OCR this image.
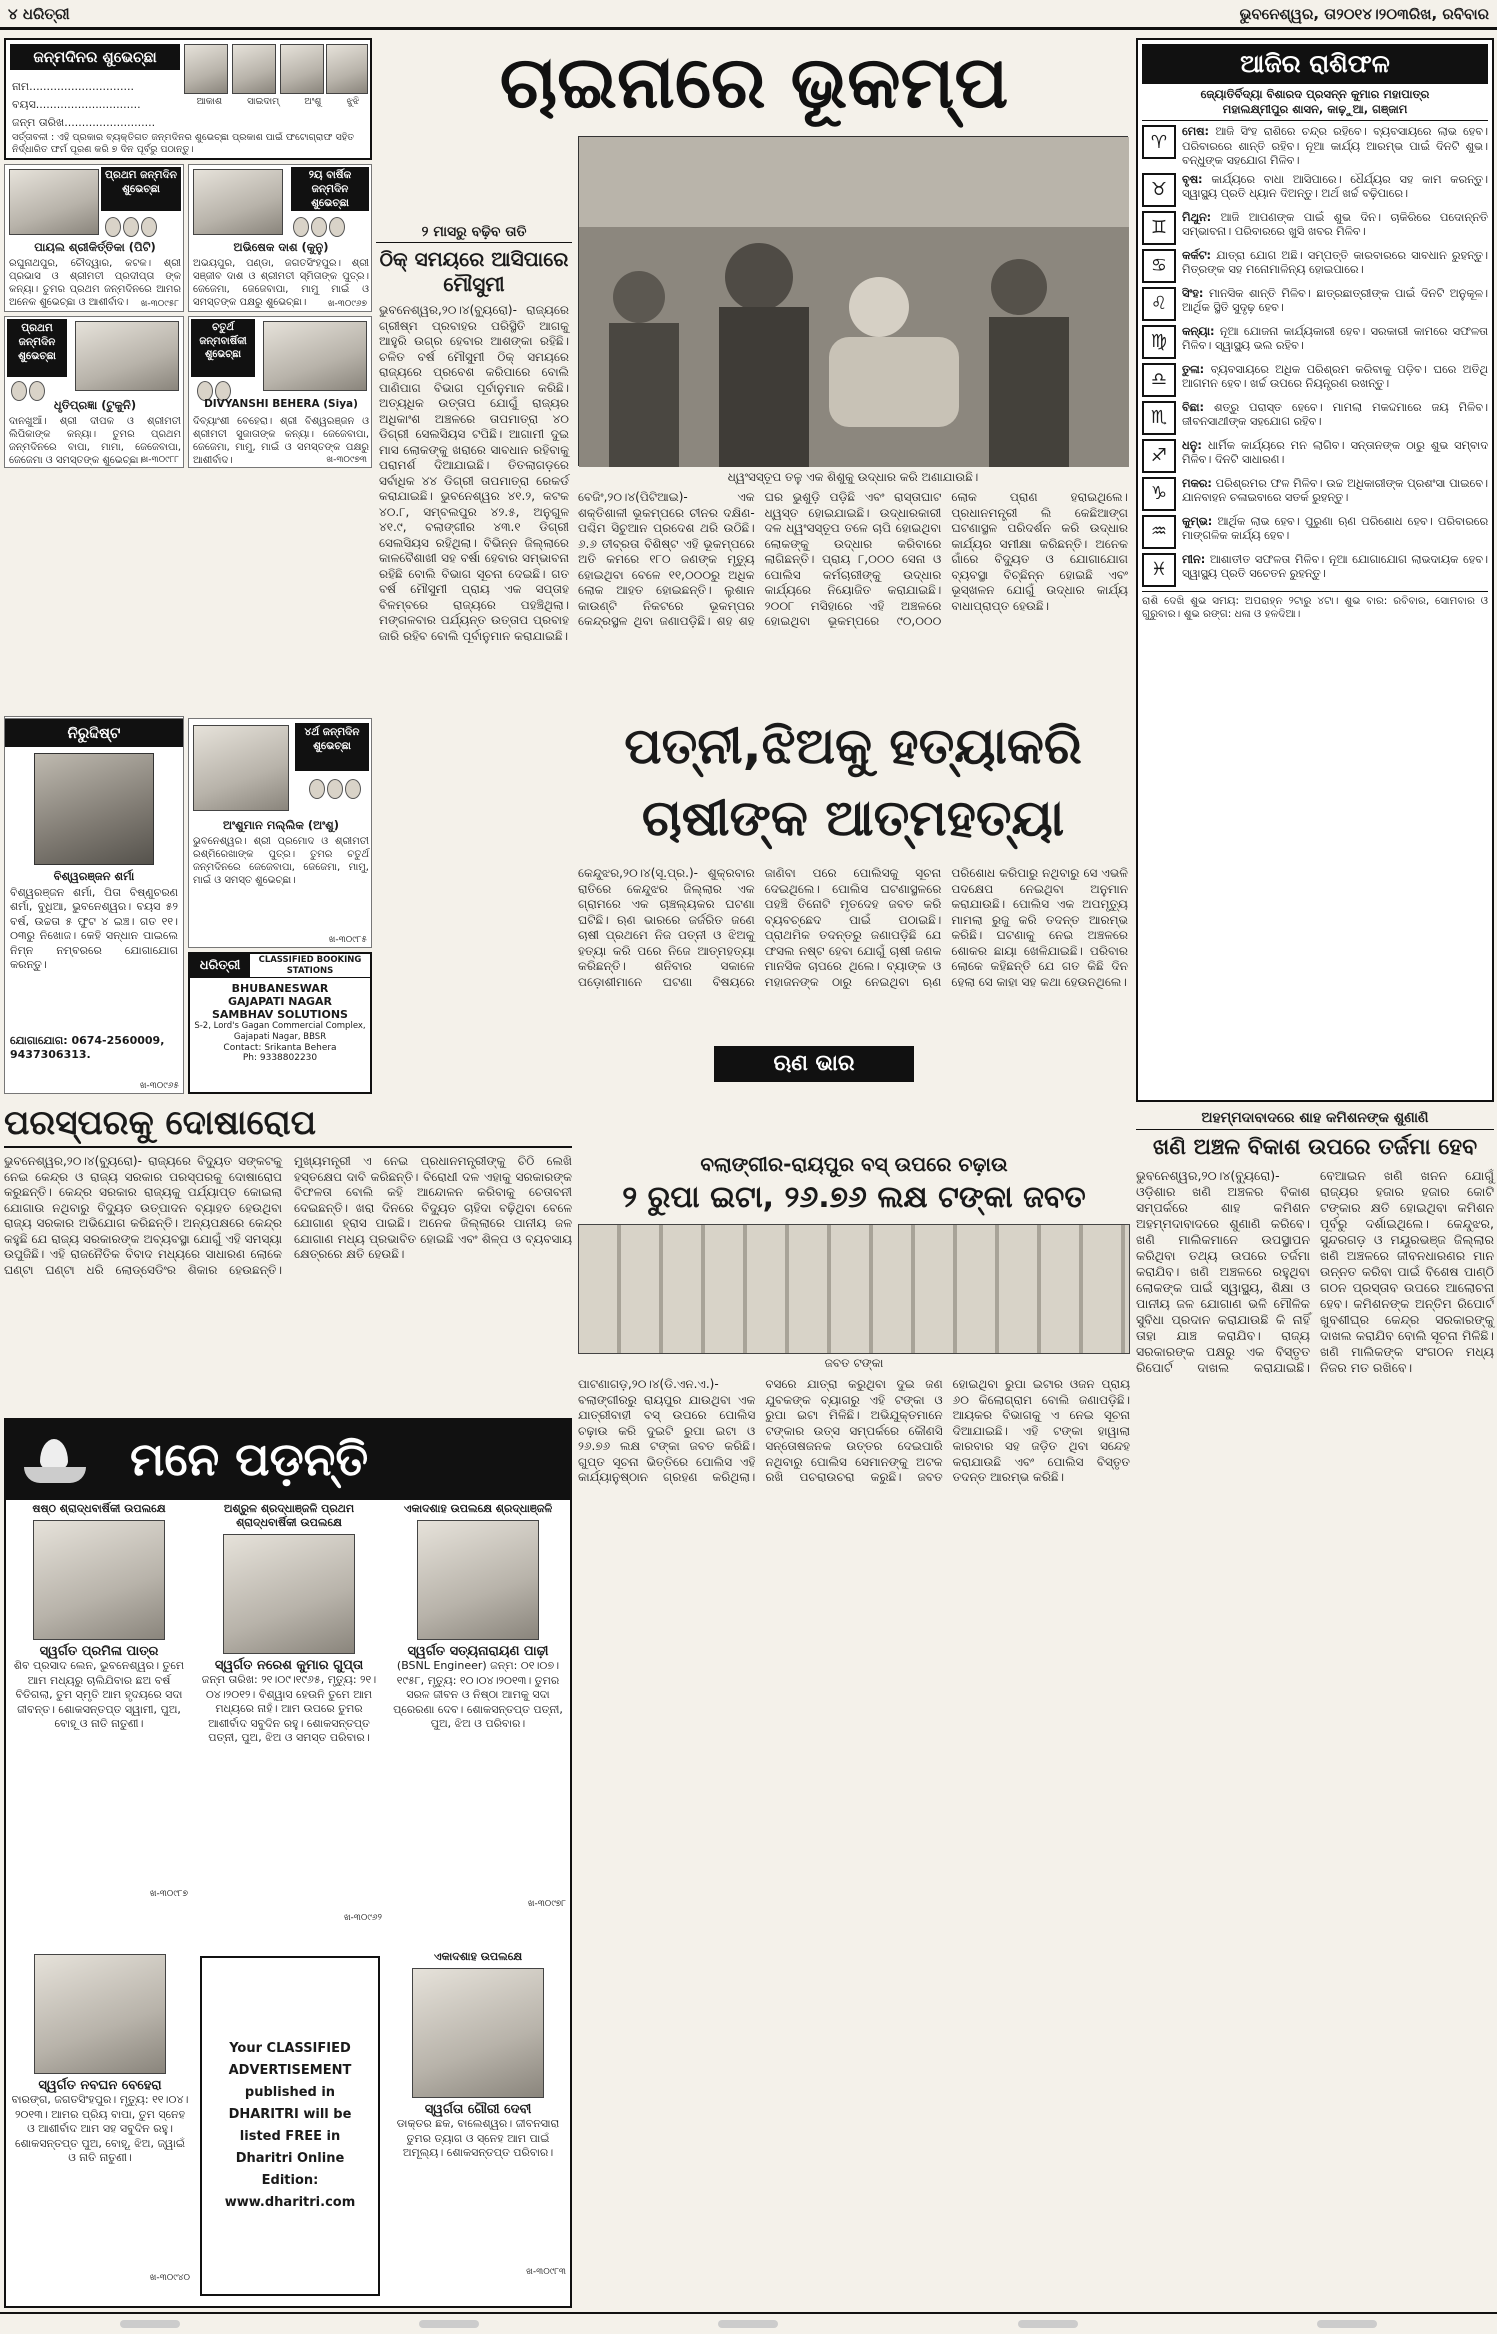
୪ ଧରିତ୍ରୀ	ଭୁବନେଶ୍ୱର, ତା୨୦୧୪।୨୦୩ରିଖ, ରବିବାର
ଜନ୍ମଦିନର ଶୁଭେଚ୍ଛା
ନାମ..............................
ବୟସ..............................
ଜନ୍ମ ତାରିଖ..........................
ଆକାଶ	ସାଇଦାମ୍	ଅଂଶୁ	ଝୁଝି
ସର୍ତ୍ତାବଳୀ : ଏହି ପ୍ରକାର ବ୍ୟକ୍ତିଗତ ଜନ୍ମଦିନର ଶୁଭେଚ୍ଛା ପ୍ରକାଶ ପାଇଁ ଫଟୋଗ୍ରାଫ ସହିତ ନିର୍ଦ୍ଧାରିତ ଫର୍ମ ପୂରଣ କରି ୭ ଦିନ ପୂର୍ବରୁ ପଠାନ୍ତୁ।
ପ୍ରଥମ ଜନ୍ମଦିନ ଶୁଭେଚ୍ଛା
ପାୟଲ ଶ୍ରୀକିର୍ତ୍ତିକା (ପିଟି)
ରଘୁନାଥପୁର, ଚୌଦ୍ୱାର, କଟକ। ଶ୍ରୀ ପ୍ରଭାସ ଓ ଶ୍ରୀମତୀ ପ୍ରଦୀପ୍ତା ଙ୍କ କନ୍ୟା। ତୁମର ପ୍ରଥମ ଜନ୍ମଦିନରେ ଆମର ଅନେକ ଶୁଭେଚ୍ଛା ଓ ଆଶୀର୍ବାଦ।	ଖ-୩୦୯୫୮
୨ୟ ବାର୍ଷିକ ଜନ୍ମଦିନ ଶୁଭେଚ୍ଛା
ଅଭିଷେକ ଦାଶ (କୁନୁ)
ଅଭୟପୁର, ପଣ୍ଡା, ଜଗତସିଂହପୁର। ଶ୍ରୀ ସଞ୍ଜୀବ ଦାଶ ଓ ଶ୍ରୀମତୀ ସ୍ମିତାଙ୍କ ପୁତ୍ର। ଜେଜେମା, ଜେଜେବାପା, ମାମୁ ମାଇଁ ଓ ସମସ୍ତଙ୍କ ପକ୍ଷରୁ ଶୁଭେଚ୍ଛା।	ଖ-୩୦୯୬୭
ପ୍ରଥମ ଜନ୍ମଦିନ ଶୁଭେଚ୍ଛା
ଧୃତିପ୍ରଜ୍ଞା (ଟୁକୁନି)
ଦାନଖୁଆଁ। ଶ୍ରୀ ଦୀପକ ଓ ଶ୍ରୀମତୀ ଲିପିକାଙ୍କ କନ୍ୟା। ତୁମର ପ୍ରଥମ ଜନ୍ମଦିନରେ ବାପା, ମାମା, ଜେଜେବାପା, ଜେଜେମା ଓ ସମସ୍ତଙ୍କ ଶୁଭେଚ୍ଛା।
ଖ-୩୦୯୮୮
ଚତୁର୍ଥ ଜନ୍ମବାର୍ଷିକୀ ଶୁଭେଚ୍ଛା
DIVYANSHI BEHERA (Siya)
ଦିବ୍ୟାଂଶୀ ବେହେରା। ଶ୍ରୀ ବିଶ୍ୱରଞ୍ଜନ ଓ ଶ୍ରୀମତୀ ସୁଜାତାଙ୍କ କନ୍ୟା। ଜେଜେବାପା, ଜେଜେମା, ମାମୁ, ମାଇଁ ଓ ସମସ୍ତଙ୍କ ପକ୍ଷରୁ ଆଶୀର୍ବାଦ।	ଖ-୩୦୯୭୩
ନିରୁଦ୍ଦିଷ୍ଟ
ବିଶ୍ୱରଞ୍ଜନ ଶର୍ମା
ବିଶ୍ୱରଞ୍ଜନ ଶର୍ମା, ପିତା ବିଷ୍ଣୁଚରଣ ଶର୍ମା, ବୁଧିଆ, ଭୁବନେଶ୍ୱର। ବୟସ ୫୨ ବର୍ଷ, ଉଚ୍ଚତା ୫ ଫୁଟ ୪ ଇଞ୍ଚ। ଗତ ୧୧।୦୩ରୁ ନିଖୋଜ। କେହି ସନ୍ଧାନ ପାଇଲେ ନିମ୍ନ ନମ୍ବରରେ ଯୋଗାଯୋଗ କରନ୍ତୁ।
ଯୋଗାଯୋଗ: 0674-2560009, 9437306313.
ଖ-୩୦୯୬୫
୪ର୍ଥ ଜନ୍ମଦିନ ଶୁଭେଚ୍ଛା
ଅଂଶୁମାନ ମଲ୍ଲିକ (ଅଂଶୁ)
ଭୁବନେଶ୍ୱର। ଶ୍ରୀ ପ୍ରମୋଦ ଓ ଶ୍ରୀମତୀ ରଶ୍ମିରେଖାଙ୍କ ପୁତ୍ର। ତୁମର ଚତୁର୍ଥ ଜନ୍ମଦିନରେ ଜେଜେବାପା, ଜେଜେମା, ମାମୁ, ମାଇଁ ଓ ସମସ୍ତ ଶୁଭେଚ୍ଛା।
ଖ-୩୦୯୮୫
ଧରିତ୍ରୀ	CLASSIFIED BOOKING STATIONS
BHUBANESWAR
GAJAPATI NAGAR
SAMBHAV SOLUTIONS
S-2, Lord's Gagan Commercial Complex, Gajapati Nagar, BBSR
Contact: Srikanta Behera
Ph: 9338802230
ଆଜିର ରାଶିଫଳ
ଜ୍ୟୋତିର୍ବିଦ୍ୟା ବିଶାରଦ ପ୍ରସନ୍ନ କୁମାର ମହାପାତ୍ର
ମହାଲକ୍ଷ୍ମୀପୁର ଶାସନ, କାଢ଼ୁଆ, ଗଞ୍ଜାମ
♈	ମେଷ: ଆଜି ସିଂହ ରାଶିରେ ଚନ୍ଦ୍ର ରହିବେ। ବ୍ୟବସାୟରେ ଲାଭ ହେବ। ପରିବାରରେ ଶାନ୍ତି ରହିବ। ନୂଆ କାର୍ଯ୍ୟ ଆରମ୍ଭ ପାଇଁ ଦିନଟି ଶୁଭ। ବନ୍ଧୁଙ୍କ ସହଯୋଗ ମିଳିବ।
♉	ବୃଷ: କାର୍ଯ୍ୟରେ ବାଧା ଆସିପାରେ। ଧୈର୍ଯ୍ୟର ସହ କାମ କରନ୍ତୁ। ସ୍ୱାସ୍ଥ୍ୟ ପ୍ରତି ଧ୍ୟାନ ଦିଅନ୍ତୁ। ଅର୍ଥ ଖର୍ଚ୍ଚ ବଢ଼ିପାରେ।
♊	ମିଥୁନ: ଆଜି ଆପଣଙ୍କ ପାଇଁ ଶୁଭ ଦିନ। ଚାକିରିରେ ପଦୋନ୍ନତି ସମ୍ଭାବନା। ପରିବାରରେ ଖୁସି ଖବର ମିଳିବ।
♋	କର୍କଟ: ଯାତ୍ରା ଯୋଗ ଅଛି। ସମ୍ପତ୍ତି କାରବାରରେ ସାବଧାନ ରୁହନ୍ତୁ। ମିତ୍ରଙ୍କ ସହ ମନୋମାଳିନ୍ୟ ହୋଇପାରେ।
♌	ସିଂହ: ମାନସିକ ଶାନ୍ତି ମିଳିବ। ଛାତ୍ରଛାତ୍ରୀଙ୍କ ପାଇଁ ଦିନଟି ଅନୁକୂଳ। ଆର୍ଥିକ ସ୍ଥିତି ସୁଦୃଢ଼ ହେବ।
♍	କନ୍ୟା: ନୂଆ ଯୋଜନା କାର୍ଯ୍ୟକାରୀ ହେବ। ସରକାରୀ କାମରେ ସଫଳତା ମିଳିବ। ସ୍ୱାସ୍ଥ୍ୟ ଭଲ ରହିବ।
♎	ତୁଳା: ବ୍ୟବସାୟରେ ଅଧିକ ପରିଶ୍ରମ କରିବାକୁ ପଡ଼ିବ। ଘରେ ଅତିଥି ଆଗମନ ହେବ। ଖର୍ଚ୍ଚ ଉପରେ ନିୟନ୍ତ୍ରଣ ରଖନ୍ତୁ।
♏	ବିଛା: ଶତ୍ରୁ ପରାସ୍ତ ହେବେ। ମାମଲା ମକଦ୍ଦମାରେ ଜୟ ମିଳିବ। ଜୀବନସାଥୀଙ୍କ ସହଯୋଗ ରହିବ।
♐	ଧନୁ: ଧାର୍ମିକ କାର୍ଯ୍ୟରେ ମନ ଲାଗିବ। ସନ୍ତାନଙ୍କ ଠାରୁ ଶୁଭ ସମ୍ବାଦ ମିଳିବ। ଦିନଟି ସାଧାରଣ।
♑	ମକର: ପରିଶ୍ରମର ଫଳ ମିଳିବ। ଉଚ୍ଚ ଅଧିକାରୀଙ୍କ ପ୍ରଶଂସା ପାଇବେ। ଯାନବାହନ ଚଳାଇବାରେ ସତର୍କ ରୁହନ୍ତୁ।
♒	କୁମ୍ଭ: ଆର୍ଥିକ ଲାଭ ହେବ। ପୁରୁଣା ଋଣ ପରିଶୋଧ ହେବ। ପରିବାରରେ ମାଙ୍ଗଳିକ କାର୍ଯ୍ୟ ହେବ।
♓	ମୀନ: ଆଶାତୀତ ସଫଳତା ମିଳିବ। ନୂଆ ଯୋଗାଯୋଗ ଲାଭଦାୟକ ହେବ। ସ୍ୱାସ୍ଥ୍ୟ ପ୍ରତି ସଚେତନ ରୁହନ୍ତୁ।
ରାଶି ଦେଖି ଶୁଭ ସମୟ: ଅପରାହ୍ନ ୨ଟାରୁ ୪ଟା। ଶୁଭ ବାର: ରବିବାର, ସୋମବାର ଓ ଗୁରୁବାର। ଶୁଭ ରଙ୍ଗ: ଧଳା ଓ ହଳଦିଆ।
ଅହମ୍ମଦାବାଦରେ ଶାହ କମିଶନଙ୍କ ଶୁଣାଣି
ଖଣି ଅଞ୍ଚଳ ବିକାଶ ଉପରେ ତର୍ଜମା ହେବ
ଭୁବନେଶ୍ୱର,୨୦।୪(ବ୍ୟୁରୋ)- ଓଡ଼ିଶାର ଖଣି ଅଞ୍ଚଳର ବିକାଶ ସମ୍ପର୍କରେ ଶାହ କମିଶନ ଅହମ୍ମଦାବାଦରେ ଶୁଣାଣି କରିବେ। ଖଣି ମାଲିକମାନେ ଉପସ୍ଥାପନ କରିଥିବା ତଥ୍ୟ ଉପରେ ତର୍ଜମା କରାଯିବ। ଖଣି ଅଞ୍ଚଳରେ ରହୁଥିବା ଲୋକଙ୍କ ପାଇଁ ସ୍ୱାସ୍ଥ୍ୟ, ଶିକ୍ଷା ଓ ପାନୀୟ ଜଳ ଯୋଗାଣ ଭଳି ମୌଳିକ ସୁବିଧା ପ୍ରଦାନ କରାଯାଉଛି କି ନାହିଁ ତାହା ଯାଞ୍ଚ କରାଯିବ। ରାଜ୍ୟ ସରକାରଙ୍କ ପକ୍ଷରୁ ଏକ ବିସ୍ତୃତ ରିପୋର୍ଟ ଦାଖଲ କରାଯାଇଛି। ବେଆଇନ ଖଣି ଖନନ ଯୋଗୁଁ ରାଜ୍ୟର ହଜାର ହଜାର କୋଟି ଟଙ୍କାର କ୍ଷତି ହୋଇଥିବା କମିଶନ ପୂର୍ବରୁ ଦର୍ଶାଇଥିଲେ। କେନ୍ଦୁଝର, ସୁନ୍ଦରଗଡ଼ ଓ ମୟୂରଭଞ୍ଜ ଜିଲ୍ଲାର ଖଣି ଅଞ୍ଚଳରେ ଜୀବନଧାରଣର ମାନ ଉନ୍ନତ କରିବା ପାଇଁ ବିଶେଷ ପାଣ୍ଠି ଗଠନ ପ୍ରସ୍ତାବ ଉପରେ ଆଲୋଚନା ହେବ। କମିଶନଙ୍କ ଅନ୍ତିମ ରିପୋର୍ଟ ଖୁବଶୀଘ୍ର କେନ୍ଦ୍ର ସରକାରଙ୍କୁ ଦାଖଲ କରାଯିବ ବୋଲି ସୂଚନା ମିଳିଛି। ଖଣି ମାଲିକଙ୍କ ସଂଗଠନ ମଧ୍ୟ ନିଜର ମତ ରଖିବେ।
ଚାଇନାରେ ଭୂକମ୍ପ
୨ ମାସରୁ ବଢ଼ିବ ତାତି
ଠିକ୍ ସମୟରେ ଆସିପାରେ ମୌସୁମୀ
ଭୁବନେଶ୍ୱର,୨୦।୪(ବ୍ୟୁରୋ)- ରାଜ୍ୟରେ ଗ୍ରୀଷ୍ମ ପ୍ରବାହର ପରିସ୍ଥିତି ଆଗକୁ ଆହୁରି ଉଗ୍ର ହେବାର ଆଶଙ୍କା ରହିଛି। ଚଳିତ ବର୍ଷ ମୌସୁମୀ ଠିକ୍ ସମୟରେ ରାଜ୍ୟରେ ପ୍ରବେଶ କରିପାରେ ବୋଲି ପାଣିପାଗ ବିଭାଗ ପୂର୍ବାନୁମାନ କରିଛି। ଅତ୍ୟଧିକ ଉତ୍ତାପ ଯୋଗୁଁ ରାଜ୍ୟର ଅଧିକାଂଶ ଅଞ୍ଚଳରେ ତାପମାତ୍ରା ୪୦ ଡିଗ୍ରୀ ସେଲସିୟସ ଟପିଛି। ଆଗାମୀ ଦୁଇ ମାସ ଲୋକଙ୍କୁ ଖରାରେ ସାବଧାନ ରହିବାକୁ ପରାମର୍ଶ ଦିଆଯାଇଛି। ତିତଲାଗଡ଼ରେ ସର୍ବାଧିକ ୪୪ ଡିଗ୍ରୀ ତାପମାତ୍ରା ରେକର୍ଡ କରାଯାଇଛି। ଭୁବନେଶ୍ୱର ୪୧.୨, କଟକ ୪୦.୮, ସମ୍ବଲପୁର ୪୨.୫, ଅନୁଗୁଳ ୪୧.୯, ବଲାଙ୍ଗୀର ୪୩.୧ ଡିଗ୍ରୀ ସେଲସିୟସ ରହିଥିଲା। ବିଭିନ୍ନ ଜିଲ୍ଲାରେ କାଳବୈଶାଖୀ ସହ ବର୍ଷା ହେବାର ସମ୍ଭାବନା ରହିଛି ବୋଲି ବିଭାଗ ସୂଚନା ଦେଇଛି। ଗତ ବର୍ଷ ମୌସୁମୀ ପ୍ରାୟ ଏକ ସପ୍ତାହ ବିଳମ୍ବରେ ରାଜ୍ୟରେ ପହଞ୍ଚିଥିଲା। ମଙ୍ଗଳବାର ପର୍ଯ୍ୟନ୍ତ ଉତ୍ତାପ ପ୍ରବାହ ଜାରି ରହିବ ବୋଲି ପୂର୍ବାନୁମାନ କରାଯାଇଛି।
ଧ୍ୱଂସସ୍ତୂପ ତଳୁ ଏକ ଶିଶୁକୁ ଉଦ୍ଧାର କରି ଅଣାଯାଉଛି।
ବେଜିଂ,୨୦।୪(ପିଟିଆଇ)- ଏକ ଶକ୍ତିଶାଳୀ ଭୂକମ୍ପରେ ଚୀନର ଦକ୍ଷିଣ-ପଶ୍ଚିମ ସିଚୁଆନ ପ୍ରଦେଶ ଥରି ଉଠିଛି। ୬.୬ ତୀବ୍ରତା ବିଶିଷ୍ଟ ଏହି ଭୂକମ୍ପରେ ଅତି କମରେ ୧୮୦ ଜଣଙ୍କ ମୃତ୍ୟୁ ହୋଇଥିବା ବେଳେ ୧୧,୦୦୦ରୁ ଅଧିକ ଲୋକ ଆହତ ହୋଇଛନ୍ତି। ଲୁଶାନ କାଉଣ୍ଟି ନିକଟରେ ଭୂକମ୍ପର କେନ୍ଦ୍ରସ୍ଥଳ ଥିବା ଜଣାପଡ଼ିଛି। ଶହ ଶହ ଘର ଭୁଶୁଡ଼ି ପଡ଼ିଛି ଏବଂ ରାସ୍ତାଘାଟ ଧ୍ୱସ୍ତ ହୋଇଯାଇଛି। ଉଦ୍ଧାରକାରୀ ଦଳ ଧ୍ୱଂସସ୍ତୂପ ତଳେ ଚାପି ହୋଇଥିବା ଲୋକଙ୍କୁ ଉଦ୍ଧାର କରିବାରେ ଲାଗିଛନ୍ତି। ପ୍ରାୟ ୮,୦୦୦ ସେନା ଓ ପୋଲିସ କର୍ମଚାରୀଙ୍କୁ ଉଦ୍ଧାର କାର୍ଯ୍ୟରେ ନିୟୋଜିତ କରାଯାଇଛି। ୨୦୦୮ ମସିହାରେ ଏହି ଅଞ୍ଚଳରେ ହୋଇଥିବା ଭୂକମ୍ପରେ ୯୦,୦୦୦ ଲୋକ ପ୍ରାଣ ହରାଇଥିଲେ। ପ୍ରଧାନମନ୍ତ୍ରୀ ଲି କେଛିଆଙ୍ଗ ଘଟଣାସ୍ଥଳ ପରିଦର୍ଶନ କରି ଉଦ୍ଧାର କାର୍ଯ୍ୟର ସମୀକ୍ଷା କରିଛନ୍ତି। ଅନେକ ଗାଁରେ ବିଦ୍ୟୁତ ଓ ଯୋଗାଯୋଗ ବ୍ୟବସ୍ଥା ବିଚ୍ଛିନ୍ନ ହୋଇଛି ଏବଂ ଭୂସ୍ଖଳନ ଯୋଗୁଁ ଉଦ୍ଧାର କାର୍ଯ୍ୟ ବାଧାପ୍ରାପ୍ତ ହେଉଛି।
ପତ୍ନୀ,ଝିଅକୁ ହତ୍ୟାକରି
ଚାଷୀଙ୍କ ଆତ୍ମହତ୍ୟା
କେନ୍ଦୁଝର,୨୦।୪(ସୂ.ପ୍ର.)- ଶୁକ୍ରବାର ରାତିରେ କେନ୍ଦୁଝର ଜିଲ୍ଲାର ଏକ ଗ୍ରାମରେ ଏକ ଚାଞ୍ଚଲ୍ୟକର ଘଟଣା ଘଟିଛି। ଋଣ ଭାରରେ ଜର୍ଜରିତ ଜଣେ ଚାଷୀ ପ୍ରଥମେ ନିଜ ପତ୍ନୀ ଓ ଝିଅକୁ ହତ୍ୟା କରି ପରେ ନିଜେ ଆତ୍ମହତ୍ୟା କରିଛନ୍ତି। ଶନିବାର ସକାଳେ ପଡ଼ୋଶୀମାନେ ଘଟଣା ବିଷୟରେ ଜାଣିବା ପରେ ପୋଲିସକୁ ସୂଚନା ଦେଇଥିଲେ। ପୋଲିସ ଘଟଣାସ୍ଥଳରେ ପହଞ୍ଚି ତିନୋଟି ମୃତଦେହ ଜବତ କରି ବ୍ୟବଚ୍ଛେଦ ପାଇଁ ପଠାଇଛି। ପ୍ରାଥମିକ ତଦନ୍ତରୁ ଜଣାପଡ଼ିଛି ଯେ ଫସଲ ନଷ୍ଟ ହେବା ଯୋଗୁଁ ଚାଷୀ ଜଣକ ମାନସିକ ଚାପରେ ଥିଲେ। ବ୍ୟାଙ୍କ ଓ ମହାଜନଙ୍କ ଠାରୁ ନେଇଥିବା ଋଣ ପରିଶୋଧ କରିପାରୁ ନଥିବାରୁ ସେ ଏଭଳି ପଦକ୍ଷେପ ନେଇଥିବା ଅନୁମାନ କରାଯାଉଛି। ପୋଲିସ ଏକ ଅପମୃତ୍ୟୁ ମାମଲା ରୁଜୁ କରି ତଦନ୍ତ ଆରମ୍ଭ କରିଛି। ଘଟଣାକୁ ନେଇ ଅଞ୍ଚଳରେ ଶୋକର ଛାୟା ଖେଳିଯାଇଛି। ପରିବାର ଲୋକେ କହିଛନ୍ତି ଯେ ଗତ କିଛି ଦିନ ହେଲା ସେ କାହା ସହ କଥା ହେଉନଥିଲେ।
ଋଣ ଭାର
ପରସ୍ପରକୁ ଦୋଷାରୋପ
ଭୁବନେଶ୍ୱର,୨୦।୪(ବ୍ୟୁରୋ)- ରାଜ୍ୟରେ ବିଦ୍ୟୁତ ସଙ୍କଟକୁ ନେଇ କେନ୍ଦ୍ର ଓ ରାଜ୍ୟ ସରକାର ପରସ୍ପରକୁ ଦୋଷାରୋପ କରୁଛନ୍ତି। କେନ୍ଦ୍ର ସରକାର ରାଜ୍ୟକୁ ପର୍ଯ୍ୟାପ୍ତ କୋଇଲା ଯୋଗାଉ ନଥିବାରୁ ବିଦ୍ୟୁତ ଉତ୍ପାଦନ ବ୍ୟାହତ ହେଉଥିବା ରାଜ୍ୟ ସରକାର ଅଭିଯୋଗ କରିଛନ୍ତି। ଅନ୍ୟପକ୍ଷରେ କେନ୍ଦ୍ର କହୁଛି ଯେ ରାଜ୍ୟ ସରକାରଙ୍କ ଅବ୍ୟବସ୍ଥା ଯୋଗୁଁ ଏହି ସମସ୍ୟା ଉପୁଜିଛି। ଏହି ରାଜନୈତିକ ବିବାଦ ମଧ୍ୟରେ ସାଧାରଣ ଲୋକେ ଘଣ୍ଟା ଘଣ୍ଟା ଧରି ଲୋଡ୍‌ସେଡିଂର ଶିକାର ହେଉଛନ୍ତି। ମୁଖ୍ୟମନ୍ତ୍ରୀ ଏ ନେଇ ପ୍ରଧାନମନ୍ତ୍ରୀଙ୍କୁ ଚିଠି ଲେଖି ହସ୍ତକ୍ଷେପ ଦାବି କରିଛନ୍ତି। ବିରୋଧୀ ଦଳ ଏହାକୁ ସରକାରଙ୍କ ବିଫଳତା ବୋଲି କହି ଆନ୍ଦୋଳନ କରିବାକୁ ଚେତାବନୀ ଦେଇଛନ୍ତି। ଖରା ଦିନରେ ବିଦ୍ୟୁତ ଚାହିଦା ବଢ଼ିଥିବା ବେଳେ ଯୋଗାଣ ହ୍ରାସ ପାଇଛି। ଅନେକ ଜିଲ୍ଲାରେ ପାନୀୟ ଜଳ ଯୋଗାଣ ମଧ୍ୟ ପ୍ରଭାବିତ ହୋଇଛି ଏବଂ ଶିଳ୍ପ ଓ ବ୍ୟବସାୟ କ୍ଷେତ୍ରରେ କ୍ଷତି ହେଉଛି।
ମନେ ପଡ଼ନ୍ତି
ଷଷ୍ଠ ଶ୍ରାଦ୍ଧବାର୍ଷିକୀ ଉପଲକ୍ଷେ
ସ୍ୱର୍ଗତ ପ୍ରମିଳା ପାତ୍ର
ଶିବ ପ୍ରସାଦ ଲେନ, ଭୁବନେଶ୍ୱର। ତୁମେ ଆମ ମଧ୍ୟରୁ ଚାଲିଯିବାର ଛଅ ବର୍ଷ ବିତିଗଲା, ତୁମ ସ୍ମୃତି ଆମ ହୃଦୟରେ ସଦା ଜୀବନ୍ତ। ଶୋକସନ୍ତପ୍ତ ସ୍ୱାମୀ, ପୁଅ, ବୋହୂ ଓ ନାତି ନାତୁଣୀ।
ଖ-୩୦୯୮୭
ଅଶ୍ରୁଳ ଶ୍ରଦ୍ଧାଞ୍ଜଳି ପ୍ରଥମ ଶ୍ରାଦ୍ଧବାର୍ଷିକୀ ଉପଲକ୍ଷେ
ସ୍ୱର୍ଗତ ନରେଶ କୁମାର ଗୁପ୍ତା
ଜନ୍ମ ତାରିଖ: ୨୧।୦୯।୧୯୬୫, ମୃତ୍ୟୁ: ୨୧।୦୪।୨୦୧୨। ବିଶ୍ୱାସ ହେଉନି ତୁମେ ଆମ ମଧ୍ୟରେ ନାହଁ। ଆମ ଉପରେ ତୁମର ଆଶୀର୍ବାଦ ସବୁଦିନ ରହୁ। ଶୋକସନ୍ତପ୍ତ ପତ୍ନୀ, ପୁଅ, ଝିଅ ଓ ସମସ୍ତ ପରିବାର।
ଖ-୩୦୯୬୨
ଏକାଦଶାହ ଉପଲକ୍ଷେ ଶ୍ରଦ୍ଧାଞ୍ଜଳି
ସ୍ୱର୍ଗତ ସତ୍ୟନାରାୟଣ ପାଢ଼ୀ
(BSNL Engineer) ଜନ୍ମ: ୦୧।୦୭।୧୯୫୮, ମୃତ୍ୟୁ: ୧୦।୦୪।୨୦୧୩। ତୁମର ସରଳ ଜୀବନ ଓ ନିଷ୍ଠା ଆମକୁ ସଦା ପ୍ରେରଣା ଦେବ। ଶୋକସନ୍ତପ୍ତ ପତ୍ନୀ, ପୁଅ, ଝିଅ ଓ ପରିବାର।
ଖ-୩୦୯୭୮
ସ୍ୱର୍ଗତ ନବଘନ ବେହେରା
ବାରଙ୍ଗ, ଜଗତସିଂହପୁର। ମୃତ୍ୟୁ: ୧୧।୦୪।୨୦୧୩। ଆମର ପ୍ରିୟ ବାପା, ତୁମ ସ୍ନେହ ଓ ଆଶୀର୍ବାଦ ଆମ ସହ ସବୁଦିନ ରହୁ। ଶୋକସନ୍ତପ୍ତ ପୁଅ, ବୋହୂ, ଝିଅ, ଜ୍ୱାଇଁ ଓ ନାତି ନାତୁଣୀ।
ଖ-୩୦୯୪୦
Your CLASSIFIED
ADVERTISEMENT
published in
DHARITRI will be
listed FREE in
Dharitri Online
Edition:
www.dharitri.com
ଏକାଦଶାହ ଉପଲକ୍ଷେ
ସ୍ୱର୍ଗତା ଗୌରୀ ଦେବୀ
ଡାକ୍ତର ଛକ, ବାଲେଶ୍ୱର। ଜୀବନସାରା ତୁମର ତ୍ୟାଗ ଓ ସ୍ନେହ ଆମ ପାଇଁ ଅମୂଲ୍ୟ। ଶୋକସନ୍ତପ୍ତ ପରିବାର।
ଖ-୩୦୯୮୩
ବଲାଙ୍ଗୀର-ରାୟପୁର ବସ୍ ଉପରେ ଚଢ଼ାଉ
୨ ରୁପା ଇଟା, ୨୬.୭୬ ଲକ୍ଷ ଟଙ୍କା ଜବତ
ଜବତ ଟଙ୍କା
ପାଟଣାଗଡ଼,୨୦।୪(ଡି.ଏନ.ଏ.)- ବଲାଙ୍ଗୀରରୁ ରାୟପୁର ଯାଉଥିବା ଏକ ଯାତ୍ରୀବାହୀ ବସ୍ ଉପରେ ପୋଲିସ ଚଢ଼ାଉ କରି ଦୁଇଟି ରୁପା ଇଟା ଓ ୨୬.୭୬ ଲକ୍ଷ ଟଙ୍କା ଜବତ କରିଛି। ଗୁପ୍ତ ସୂଚନା ଭିତ୍ତିରେ ପୋଲିସ ଏହି କାର୍ଯ୍ୟାନୁଷ୍ଠାନ ଗ୍ରହଣ କରିଥିଲା। ବସରେ ଯାତ୍ରା କରୁଥିବା ଦୁଇ ଜଣ ଯୁବକଙ୍କ ବ୍ୟାଗରୁ ଏହି ଟଙ୍କା ଓ ରୁପା ଇଟା ମିଳିଛି। ଅଭିଯୁକ୍ତମାନେ ଟଙ୍କାର ଉତ୍ସ ସମ୍ପର୍କରେ କୌଣସି ସନ୍ତୋଷଜନକ ଉତ୍ତର ଦେଇପାରି ନଥିବାରୁ ପୋଲିସ ସେମାନଙ୍କୁ ଅଟକ ରଖି ପଚରାଉଚରା କରୁଛି। ଜବତ ହୋଇଥିବା ରୁପା ଇଟାର ଓଜନ ପ୍ରାୟ ୬୦ କିଲୋଗ୍ରାମ ବୋଲି ଜଣାପଡ଼ିଛି। ଆୟକର ବିଭାଗକୁ ଏ ନେଇ ସୂଚନା ଦିଆଯାଇଛି। ଏହି ଟଙ୍କା ହାୱାଲା କାରବାର ସହ ଜଡ଼ିତ ଥିବା ସନ୍ଦେହ କରାଯାଉଛି ଏବଂ ପୋଲିସ ବିସ୍ତୃତ ତଦନ୍ତ ଆରମ୍ଭ କରିଛି।
